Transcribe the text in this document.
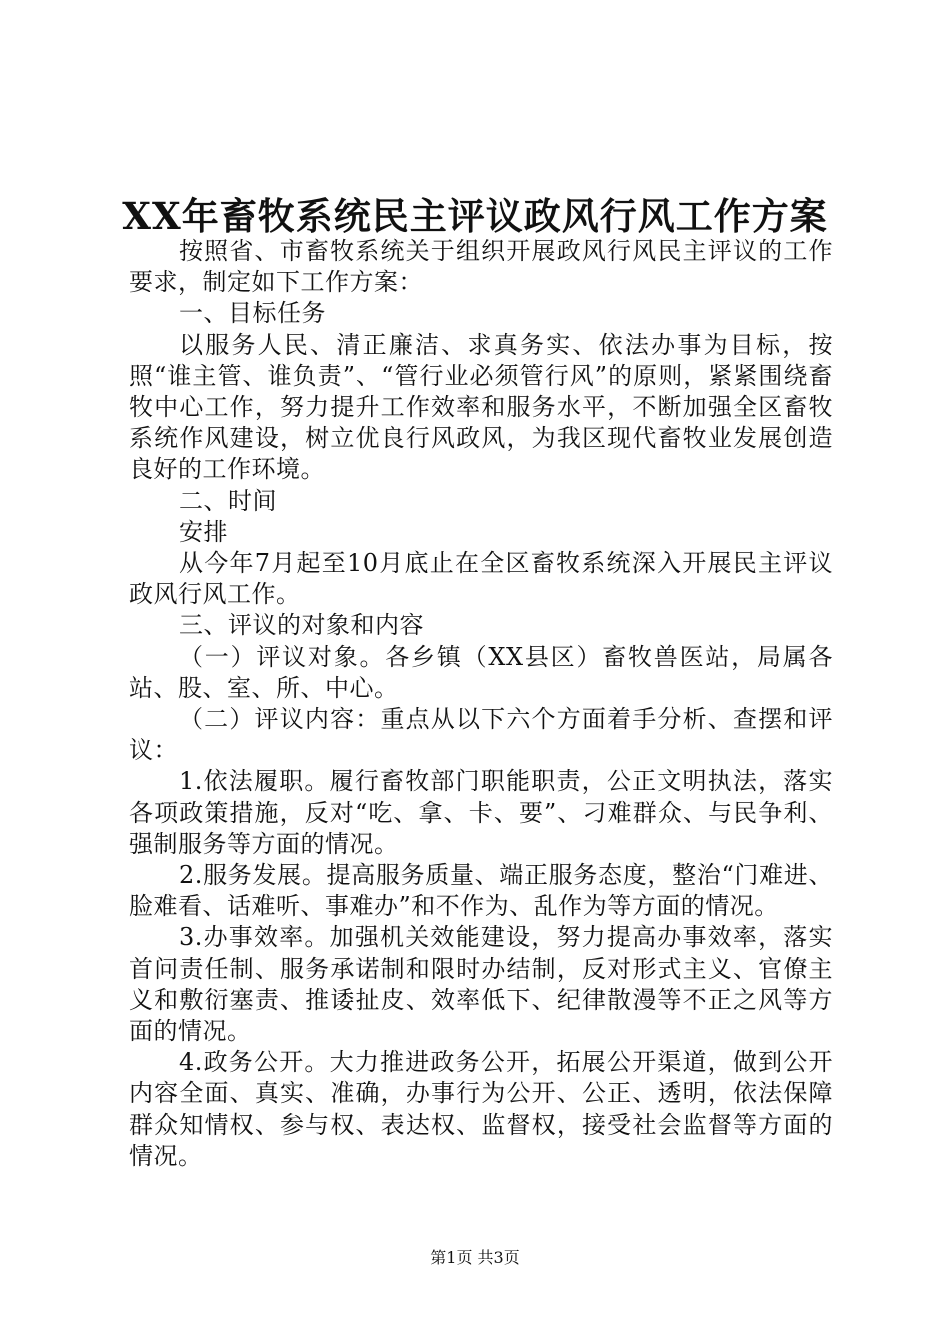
XX年畜牧系统民主评议政风行风工作方案

按照省、市畜牧系统关于组织开展政风行风民主评议的工作要求，制定如下工作方案：

一、目标任务

以服务人民、清正廉洁、求真务实、依法办事为目标，按照“谁主管、谁负责”、“管行业必须管行风”的原则，紧紧围绕畜牧中心工作，努力提升工作效率和服务水平，不断加强全区畜牧系统作风建设，树立优良行风政风，为我区现代畜牧业发展创造良好的工作环境。

二、时间

安排

从今年7月起至10月底止在全区畜牧系统深入开展民主评议政风行风工作。

三、评议的对象和内容

（一）评议对象。各乡镇（XX县区）畜牧兽医站，局属各站、股、室、所、中心。

（二）评议内容：重点从以下六个方面着手分析、查摆和评议：

1.依法履职。履行畜牧部门职能职责，公正文明执法，落实各项政策措施，反对“吃、拿、卡、要”、刁难群众、与民争利、强制服务等方面的情况。

2.服务发展。提高服务质量、端正服务态度，整治“门难进、脸难看、话难听、事难办”和不作为、乱作为等方面的情况。

3.办事效率。加强机关效能建设，努力提高办事效率，落实首问责任制、服务承诺制和限时办结制，反对形式主义、官僚主义和敷衍塞责、推诿扯皮、效率低下、纪律散漫等不正之风等方面的情况。

4.政务公开。大力推进政务公开，拓展公开渠道，做到公开内容全面、真实、准确，办事行为公开、公正、透明，依法保障群众知情权、参与权、表达权、监督权，接受社会监督等方面的情况。

第1页 共3页
